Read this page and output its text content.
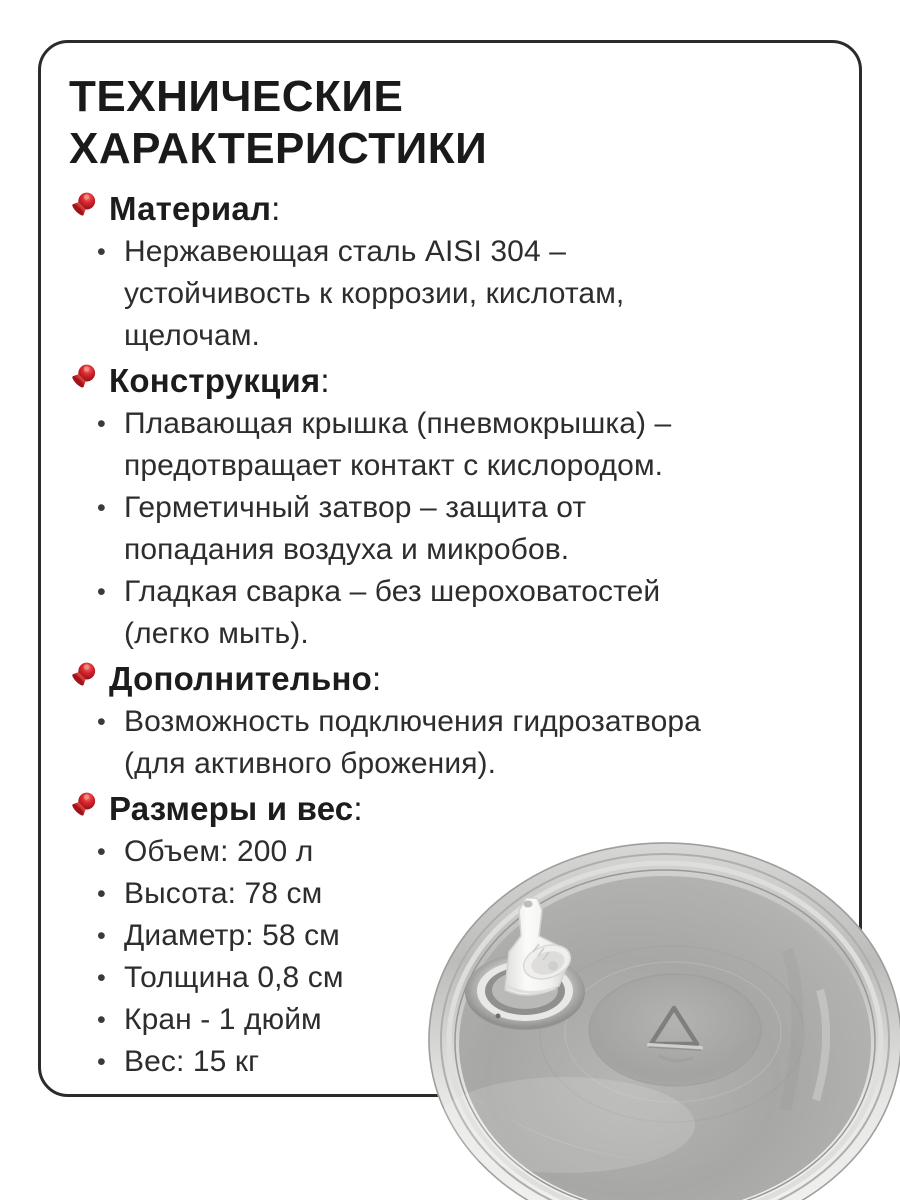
ТЕХНИЧЕСКИЕ
ХАРАКТЕРИСТИКИ
Материал :
• Нержавеющая сталь AISI 304 –
устойчивость к коррозии, кислотам,
щелочам.
Конструкция :
• Плавающая крышка (пневмокрышка) –
предотвращает контакт с кислородом.
• Герметичный затвор – защита от
попадания воздуха и микробов.
• Гладкая сварка – без шероховатостей
(легко мыть).
Дополнительно :
• Возможность подключения гидрозатвора
(для активного брожения).
Размеры и вес :
• Объем: 200 л
• Высота: 78 см
• Диаметр: 58 см
• Толщина 0,8 см
• Кран - 1 дюйм
• Вес: 15 кг
